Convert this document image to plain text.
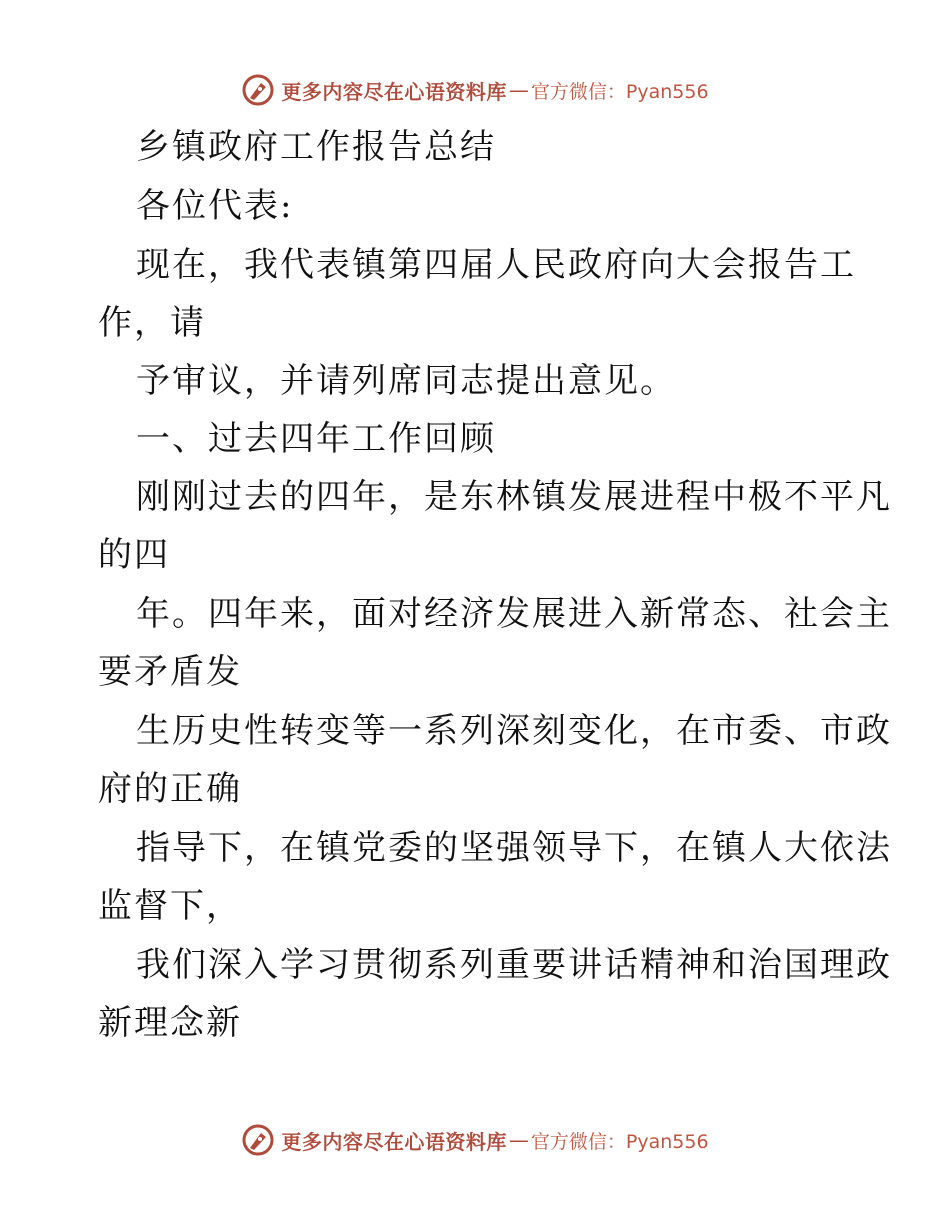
更多内容尽在心语资料库 — 官方微信：Pyan556
乡镇政府工作报告总结
各位代表:
现在，我代表镇第四届人民政府向大会报告工
作，请
予审议，并请列席同志提出意见。
一、过去四年工作回顾
刚刚过去的四年，是东林镇发展进程中极不平凡
的四
年。四年来，面对经济发展进入新常态、社会主
要矛盾发
生历史性转变等一系列深刻变化，在市委、市政
府的正确
指导下，在镇党委的坚强领导下，在镇人大依法
监督下，
我们深入学习贯彻系列重要讲话精神和治国理政
新理念新
更多内容尽在心语资料库 — 官方微信：Pyan556
